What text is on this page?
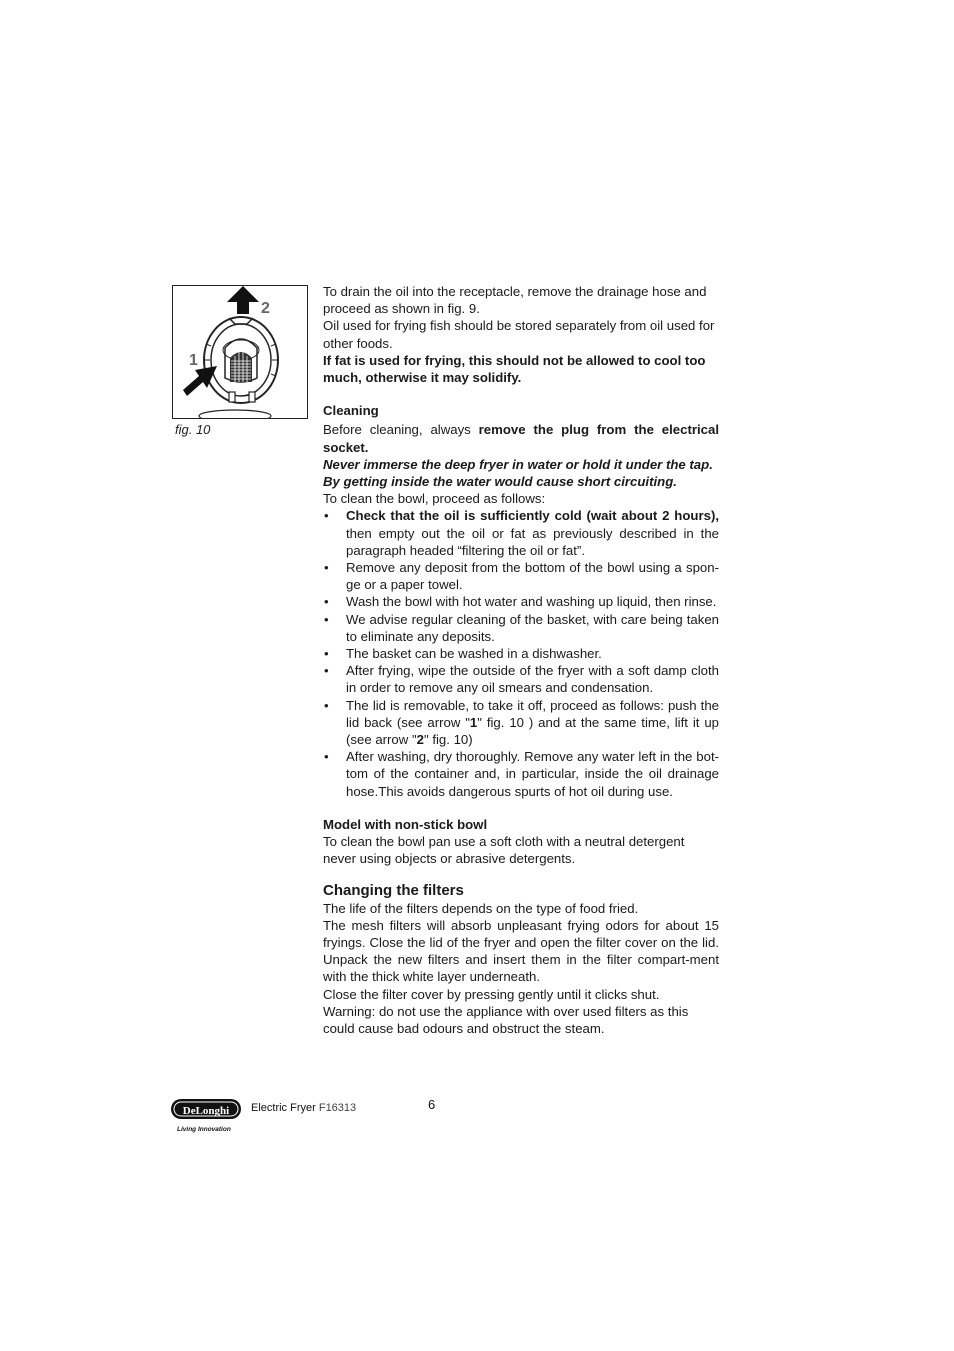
2
1
fig. 10

To drain the oil into the receptacle, remove the drainage hose and proceed as shown in fig. 9.

Oil used for frying fish should be stored separately from oil used for other foods.

If fat is used for frying, this should not be allowed to cool too much, otherwise it may solidify.

Cleaning

Before cleaning, always remove the plug from the electrical socket.

Never immerse the deep fryer in water or hold it under the tap. By getting inside the water would cause short circuiting.

To clean the bowl, proceed as follows:

• Check that the oil is sufficiently cold (wait about 2 hours), then empty out the oil or fat as previously described in the paragraph headed “filtering the oil or fat”.
• Remove any deposit from the bottom of the bowl using a spon-ge or a paper towel.
• Wash the bowl with hot water and washing up liquid, then rinse.
• We advise regular cleaning of the basket, with care being taken to eliminate any deposits.
• The basket can be washed in a dishwasher.
• After frying, wipe the outside of the fryer with a soft damp cloth in order to remove any oil smears and condensation.
• The lid is removable, to take it off, proceed as follows: push the lid back (see arrow "1" fig. 10 ) and at the same time, lift it up (see arrow "2" fig. 10)
• After washing, dry thoroughly. Remove any water left in the bot-tom of the container and, in particular, inside the oil drainage hose.This avoids dangerous spurts of hot oil during use.

Model with non-stick bowl

To clean the bowl pan use a soft cloth with a neutral detergent never using objects or abrasive detergents.

Changing the filters

The life of the filters depends on the type of food fried.

The mesh filters will absorb unpleasant frying odors for about 15 fryings. Close the lid of the fryer and open the filter cover on the lid. Unpack the new filters and insert them in the filter compart-ment with the thick white layer underneath.

Close the filter cover by pressing gently until it clicks shut.

Warning: do not use the appliance with over used filters as this could cause bad odours and obstruct the steam.

DeLonghi
Living Innovation
Electric Fryer F16313	6
